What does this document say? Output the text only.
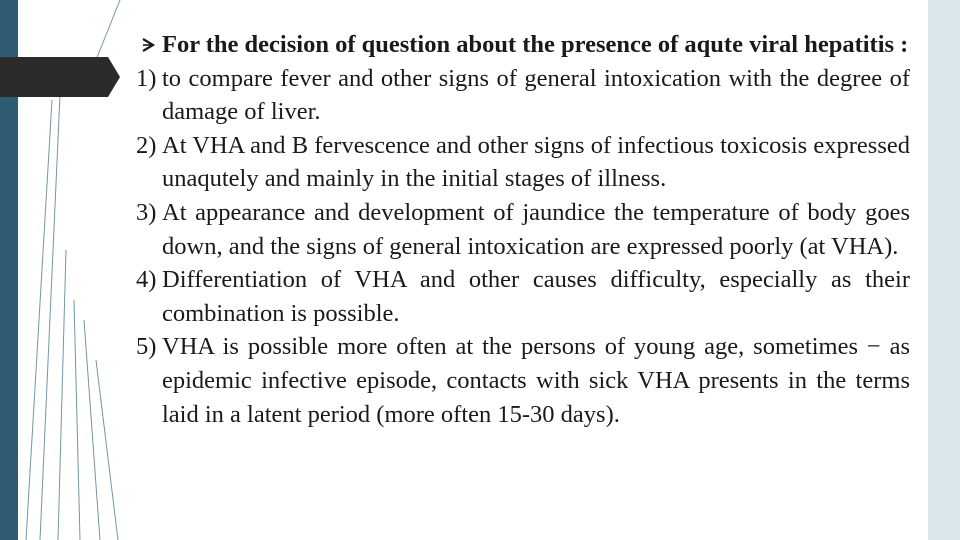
For the decision of question about the presence of aqute viral hepatitis :
1) to compare fever and other signs of general intoxication with the degree of damage of liver.
2) At VHA and B fervescence and other signs of infectious toxicosis expressed unaqutely and mainly in the initial stages of illness.
3) At appearance and development of jaundice the temperature of body goes down, and the signs of general intoxication are expressed poorly (at VHA).
4) Differentiation of VHA and other causes difficulty, especially as their combination is possible.
5) VHA is possible more often at the persons of young age, sometimes − as epidemic infective episode, contacts with sick VHA presents in the terms laid in a latent period (more often 15-30 days).
